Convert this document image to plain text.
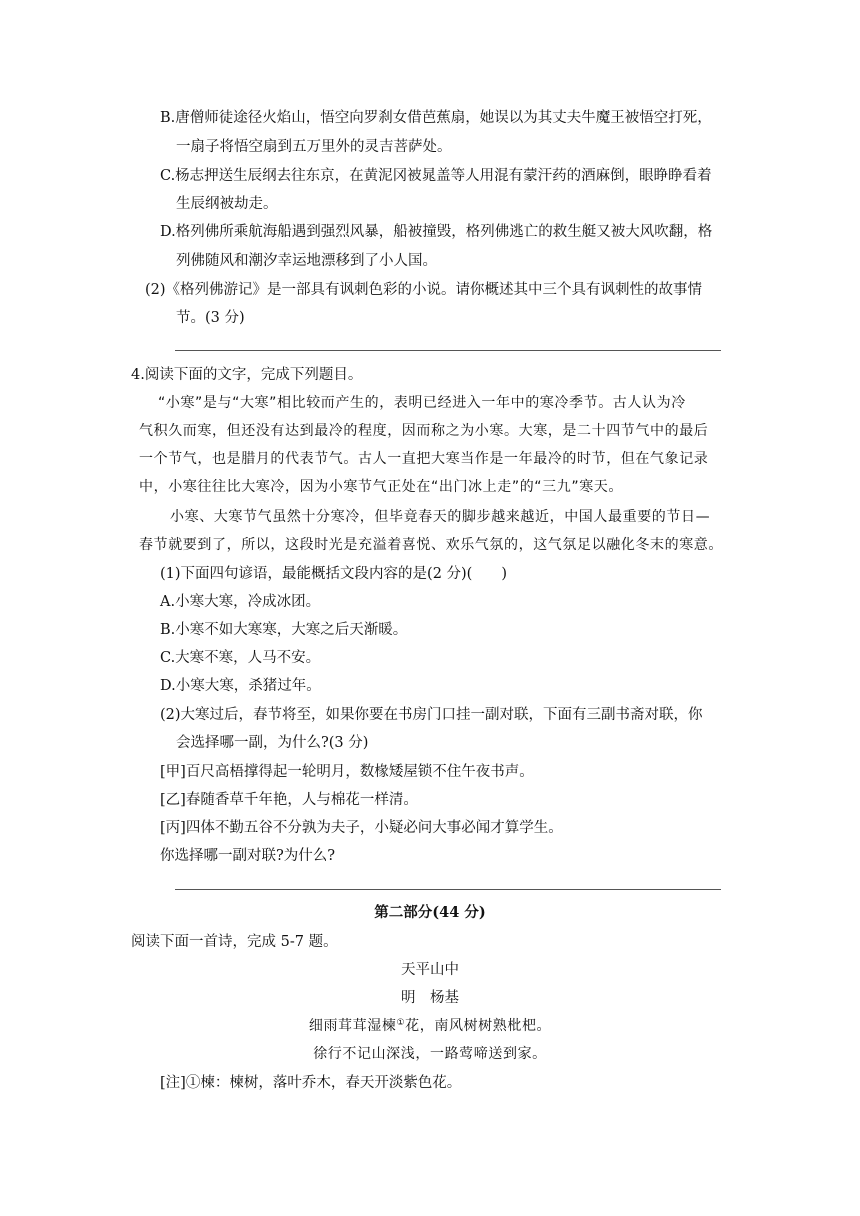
B.唐僧师徒途径火焰山，悟空向罗刹女借芭蕉扇，她误以为其丈夫牛魔王被悟空打死，
一扇子将悟空扇到五万里外的灵吉菩萨处。
C.杨志押送生辰纲去往东京，在黄泥冈被晁盖等人用混有蒙汗药的酒麻倒，眼睁睁看着
生辰纲被劫走。
D.格列佛所乘航海船遇到强烈风暴，船被撞毁，格列佛逃亡的救生艇又被大风吹翻，格
列佛随风和潮汐幸运地漂移到了小人国。
(2)《格列佛游记》是一部具有讽刺色彩的小说。请你概述其中三个具有讽刺性的故事情
节。(3 分)
4.阅读下面的文字，完成下列题目。
“小寒”是与“大寒”相比较而产生的，表明已经进入一年中的寒冷季节。古人认为冷
气积久而寒，但还没有达到最冷的程度，因而称之为小寒。大寒，是二十四节气中的最后
一个节气，也是腊月的代表节气。古人一直把大寒当作是一年最冷的时节，但在气象记录
中，小寒往往比大寒冷，因为小寒节气正处在“出门冰上走”的“三九”寒天。
小寒、大寒节气虽然十分寒冷，但毕竟春天的脚步越来越近，中国人最重要的节日—
春节就要到了，所以，这段时光是充溢着喜悦、欢乐气氛的，这气氛足以融化冬末的寒意。
(1)下面四句谚语，最能概括文段内容的是(2 分)(　　)
A.小寒大寒，冷成冰团。
B.小寒不如大寒寒，大寒之后天渐暖。
C.大寒不寒，人马不安。
D.小寒大寒，杀猪过年。
(2)大寒过后，春节将至，如果你要在书房门口挂一副对联，下面有三副书斋对联，你
会选择哪一副，为什么?(3 分)
[甲]百尺高梧撑得起一轮明月，数椽矮屋锁不住午夜书声。
[乙]春随香草千年艳，人与棉花一样清。
[丙]四体不勤五谷不分孰为夫子，小疑必问大事必闻才算学生。
你选择哪一副对联?为什么?
第二部分(44 分)
阅读下面一首诗，完成 5-7 题。
天平山中
明　杨基
细雨茸茸湿楝①花，南风树树熟枇杷。
徐行不记山深浅，一路莺啼送到家。
[注]①楝：楝树，落叶乔木，春天开淡紫色花。
